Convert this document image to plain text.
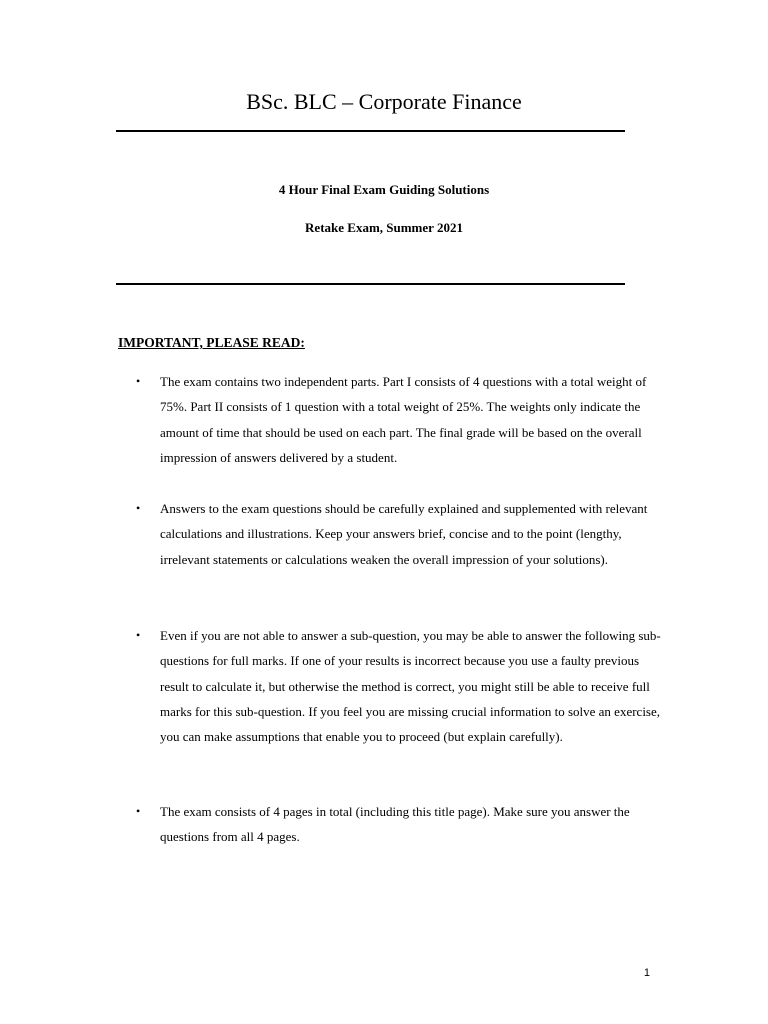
BSc. BLC – Corporate Finance

4 Hour Final Exam Guiding Solutions

Retake Exam, Summer 2021

IMPORTANT, PLEASE READ:

• The exam contains two independent parts. Part I consists of 4 questions with a total weight of 75%. Part II consists of 1 question with a total weight of 25%. The weights only indicate the amount of time that should be used on each part. The final grade will be based on the overall impression of answers delivered by a student.

• Answers to the exam questions should be carefully explained and supplemented with relevant calculations and illustrations. Keep your answers brief, concise and to the point (lengthy, irrelevant statements or calculations weaken the overall impression of your solutions).

• Even if you are not able to answer a sub-question, you may be able to answer the following sub-questions for full marks. If one of your results is incorrect because you use a faulty previous result to calculate it, but otherwise the method is correct, you might still be able to receive full marks for this sub-question. If you feel you are missing crucial information to solve an exercise, you can make assumptions that enable you to proceed (but explain carefully).

• The exam consists of 4 pages in total (including this title page). Make sure you answer the questions from all 4 pages.

1
